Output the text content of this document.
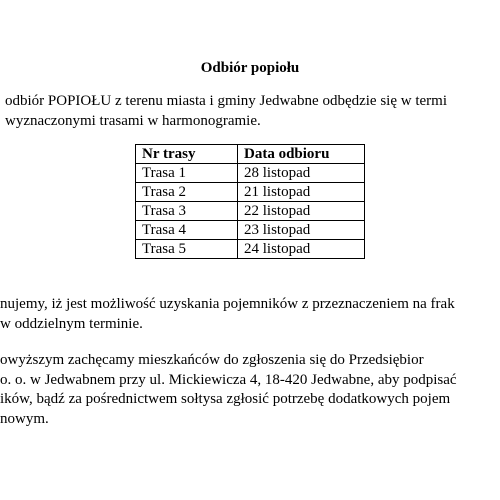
Odbiór popiołu
odbiór POPIOŁU z terenu miasta i gminy Jedwabne odbędzie się w termi
wyznaczonymi trasami w harmonogramie.
Nr trasy	Data odbioru
Trasa 1	28 listopad
Trasa 2	21 listopad
Trasa 3	22 listopad
Trasa 4	23 listopad
Trasa 5	24 listopad
nujemy, iż jest możliwość uzyskania pojemników z przeznaczeniem na frak
w oddzielnym terminie.
owyższym zachęcamy mieszkańców do zgłoszenia się do Przedsiębior
o. o. w Jedwabnem przy ul. Mickiewicza 4, 18-420 Jedwabne, aby podpisać
ików, bądź za pośrednictwem sołtysa zgłosić potrzebę dodatkowych pojem
nowym.
